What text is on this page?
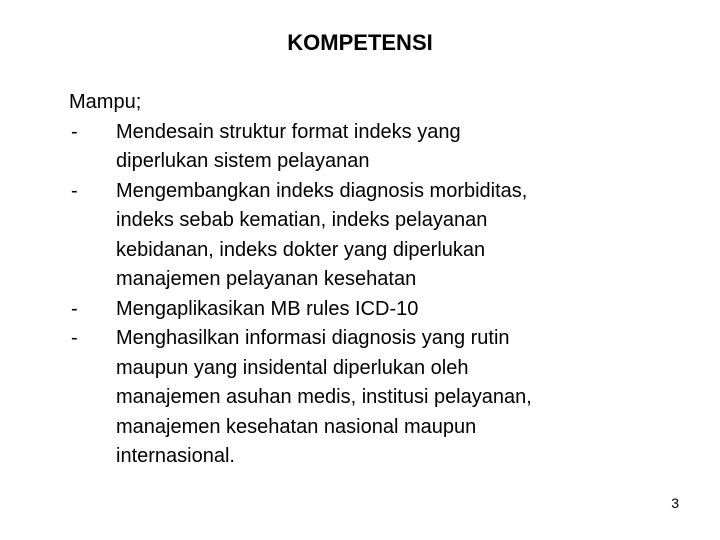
KOMPETENSI
Mampu;
-	Mendesain struktur format indeks yang
diperlukan sistem pelayanan
-	Mengembangkan indeks diagnosis morbiditas,
indeks sebab kematian, indeks pelayanan
kebidanan, indeks dokter yang diperlukan
manajemen pelayanan kesehatan
-	Mengaplikasikan MB rules ICD-10
-	Menghasilkan informasi diagnosis yang rutin
maupun yang insidental diperlukan oleh
manajemen asuhan medis, institusi pelayanan,
manajemen kesehatan nasional maupun
internasional.
3
